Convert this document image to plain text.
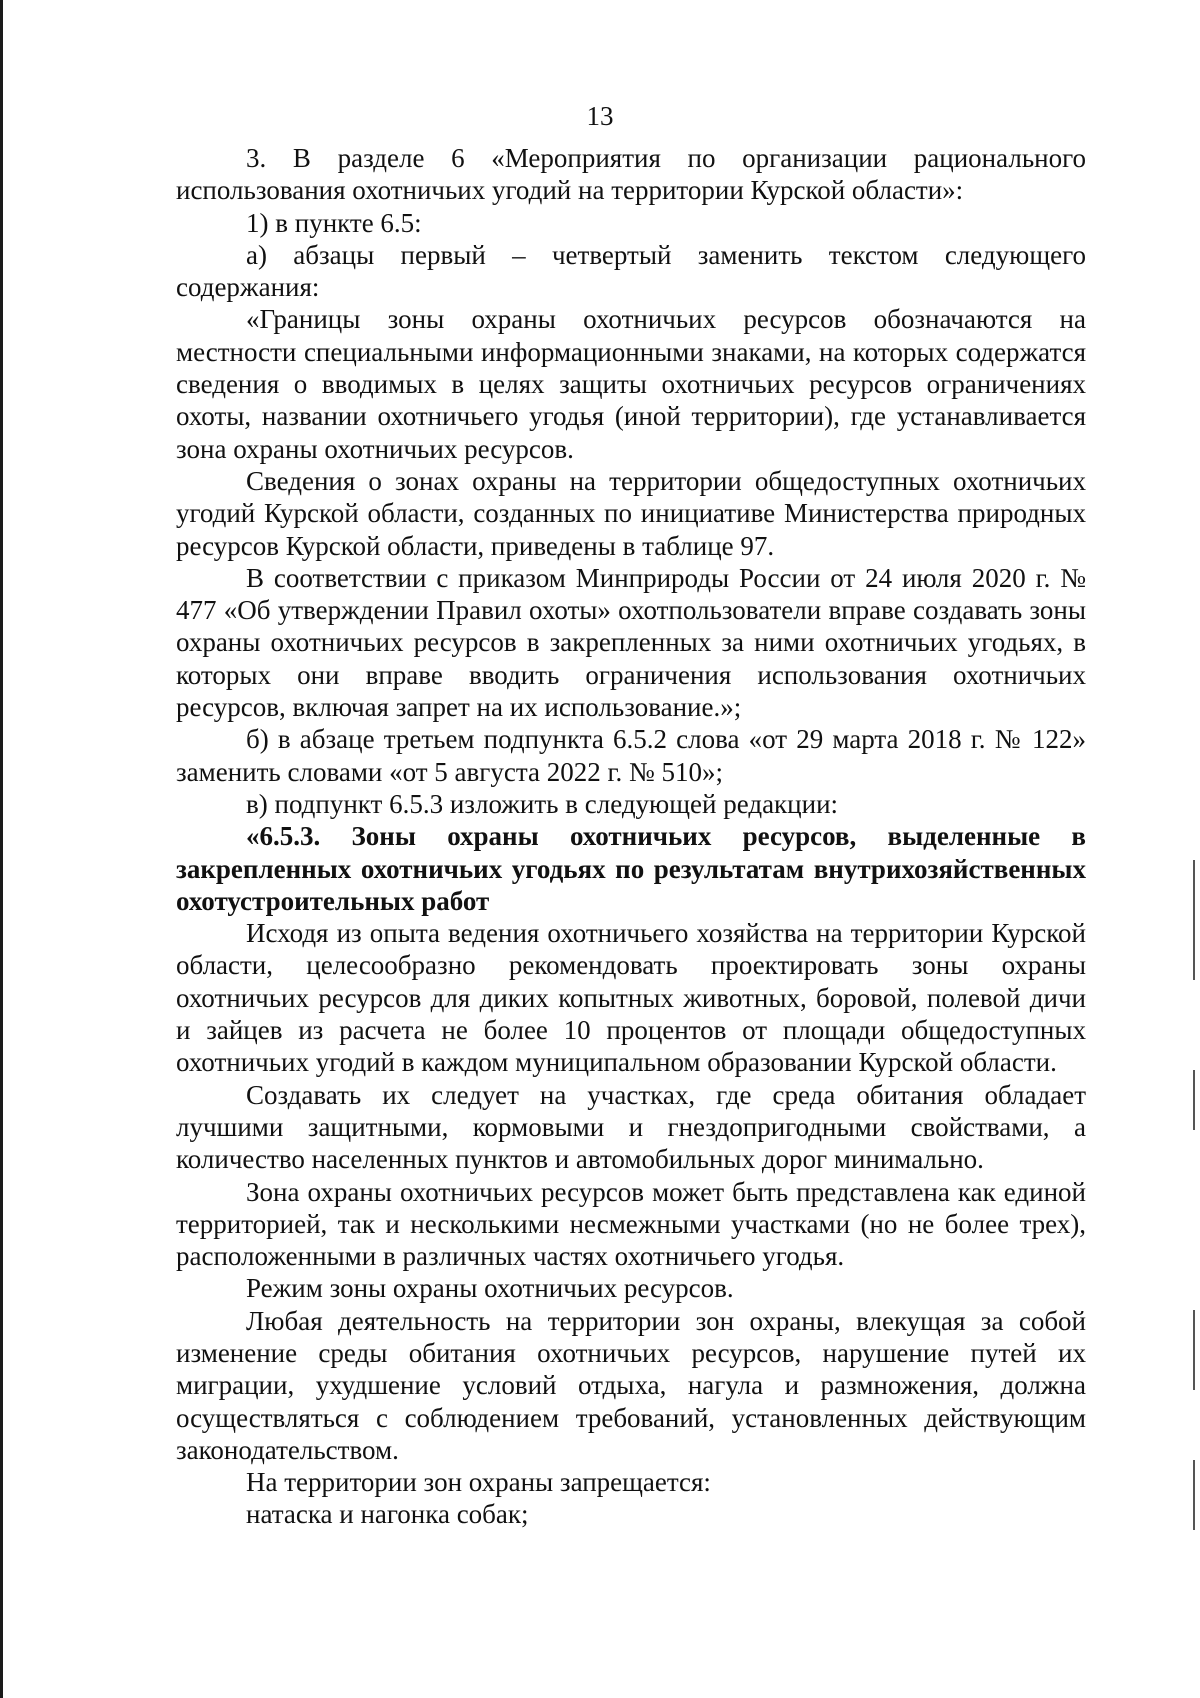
13

3. В разделе 6 «Мероприятия по организации рационального использования охотничьих угодий на территории Курской области»:

1) в пункте 6.5:

а) абзацы первый – четвертый заменить текстом следующего содержания:

«Границы зоны охраны охотничьих ресурсов обозначаются на местности специальными информационными знаками, на которых содержатся сведения о вводимых в целях защиты охотничьих ресурсов ограничениях охоты, названии охотничьего угодья (иной территории), где устанавливается зона охраны охотничьих ресурсов.

Сведения о зонах охраны на территории общедоступных охотничьих угодий Курской области, созданных по инициативе Министерства природных ресурсов Курской области, приведены в таблице 97.

В соответствии с приказом Минприроды России от 24 июля 2020 г. № 477 «Об утверждении Правил охоты» охотпользователи вправе создавать зоны охраны охотничьих ресурсов в закрепленных за ними охотничьих угодьях, в которых они вправе вводить ограничения использования охотничьих ресурсов, включая запрет на их использование.»;

б) в абзаце третьем подпункта 6.5.2 слова «от 29 марта 2018 г. № 122» заменить словами «от 5 августа 2022 г. № 510»;

в) подпункт 6.5.3 изложить в следующей редакции:

«6.5.3. Зоны охраны охотничьих ресурсов, выделенные в закрепленных охотничьих угодьях по результатам внутрихозяйственных охотустроительных работ

Исходя из опыта ведения охотничьего хозяйства на территории Курской области, целесообразно рекомендовать проектировать зоны охраны охотничьих ресурсов для диких копытных животных, боровой, полевой дичи и зайцев из расчета не более 10 процентов от площади общедоступных охотничьих угодий в каждом муниципальном образовании Курской области.

Создавать их следует на участках, где среда обитания обладает лучшими защитными, кормовыми и гнездопригодными свойствами, а количество населенных пунктов и автомобильных дорог минимально.

Зона охраны охотничьих ресурсов может быть представлена как единой территорией, так и несколькими несмежными участками (но не более трех), расположенными в различных частях охотничьего угодья.

Режим зоны охраны охотничьих ресурсов.

Любая деятельность на территории зон охраны, влекущая за собой изменение среды обитания охотничьих ресурсов, нарушение путей их миграции, ухудшение условий отдыха, нагула и размножения, должна осуществляться с соблюдением требований, установленных действующим законодательством.

На территории зон охраны запрещается:

натаска и нагонка собак;
